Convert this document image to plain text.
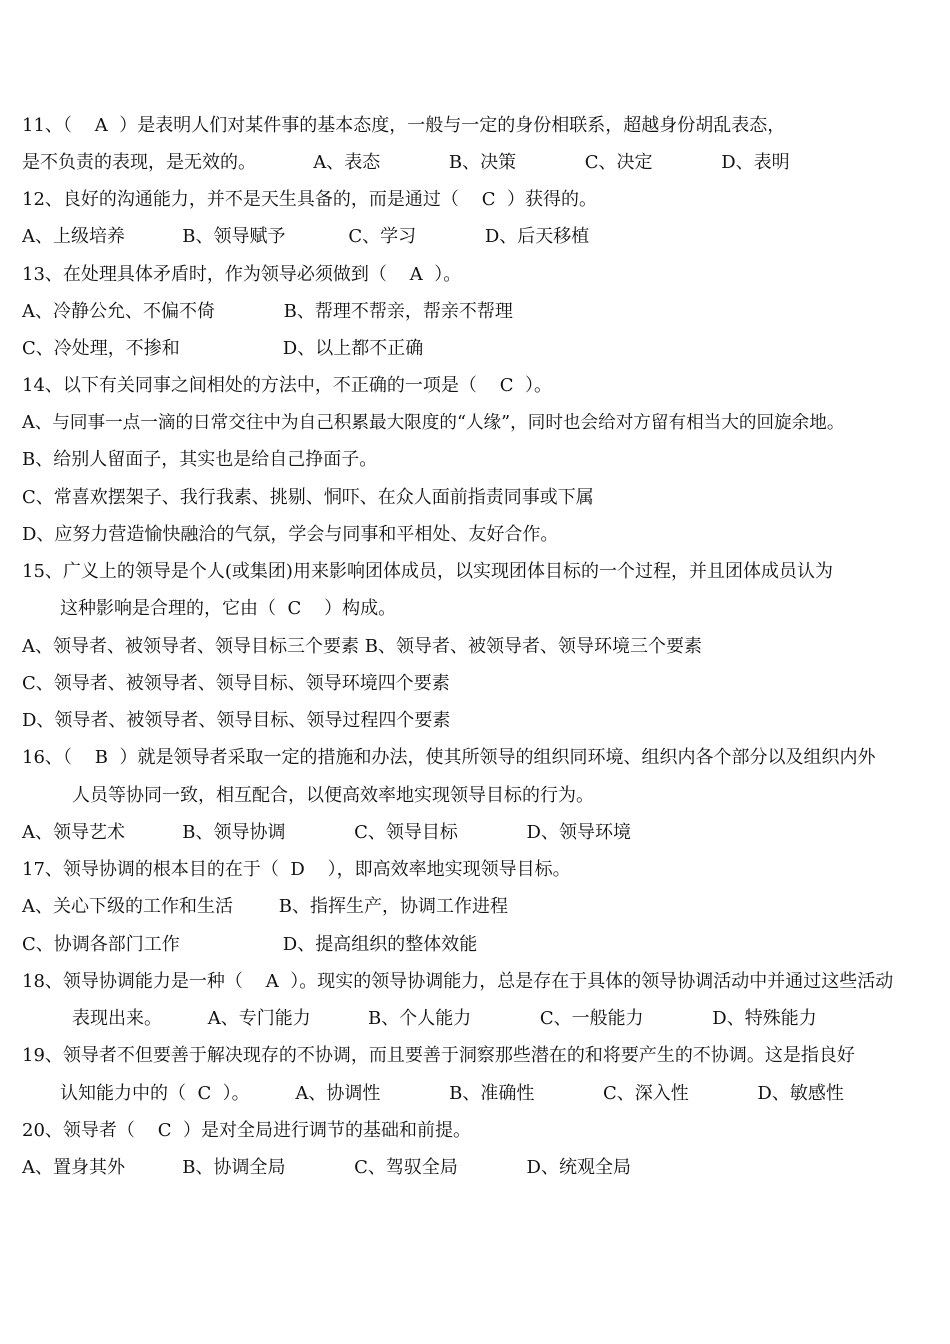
11、（    A  ）是表明人们对某件事的基本态度，一般与一定的身份相联系，超越身份胡乱表态，
是不负责的表现，是无效的。          A、表态            B、决策            C、决定            D、表明
12、良好的沟通能力，并不是天生具备的，而是通过（    C  ）获得的。
A、上级培养          B、领导赋予           C、学习            D、后天移植
13、在处理具体矛盾时，作为领导必须做到（    A  ）。
A、冷静公允、不偏不倚            B、帮理不帮亲，帮亲不帮理
C、冷处理，不掺和                  D、以上都不正确
14、以下有关同事之间相处的方法中，不正确的一项是（    C  ）。
A、与同事一点一滴的日常交往中为自己积累最大限度的“人缘”，同时也会给对方留有相当大的回旋余地。
B、给别人留面子，其实也是给自己挣面子。
C、常喜欢摆架子、我行我素、挑剔、恫吓、在众人面前指责同事或下属
D、应努力营造愉快融洽的气氛，学会与同事和平相处、友好合作。
15、广义上的领导是个人(或集团)用来影响团体成员，以实现团体目标的一个过程，并且团体成员认为
这种影响是合理的，它由（  C    ）构成。
A、领导者、被领导者、领导目标三个要素 B、领导者、被领导者、领导环境三个要素
C、领导者、被领导者、领导目标、领导环境四个要素
D、领导者、被领导者、领导目标、领导过程四个要素
16、（    B  ）就是领导者采取一定的措施和办法，使其所领导的组织同环境、组织内各个部分以及组织内外
人员等协同一致，相互配合，以便高效率地实现领导目标的行为。
A、领导艺术          B、领导协调            C、领导目标            D、领导环境
17、领导协调的根本目的在于（  D    ），即高效率地实现领导目标。
A、关心下级的工作和生活        B、指挥生产，协调工作进程
C、协调各部门工作                  D、提高组织的整体效能
18、领导协调能力是一种（    A  ）。现实的领导协调能力，总是存在于具体的领导协调活动中并通过这些活动
表现出来。        A、专门能力          B、个人能力            C、一般能力            D、特殊能力
19、领导者不但要善于解决现存的不协调，而且要善于洞察那些潜在的和将要产生的不协调。这是指良好
认知能力中的（  C  ）。        A、协调性            B、准确性            C、深入性            D、敏感性
20、领导者（    C  ）是对全局进行调节的基础和前提。
A、置身其外          B、协调全局            C、驾驭全局            D、统观全局
